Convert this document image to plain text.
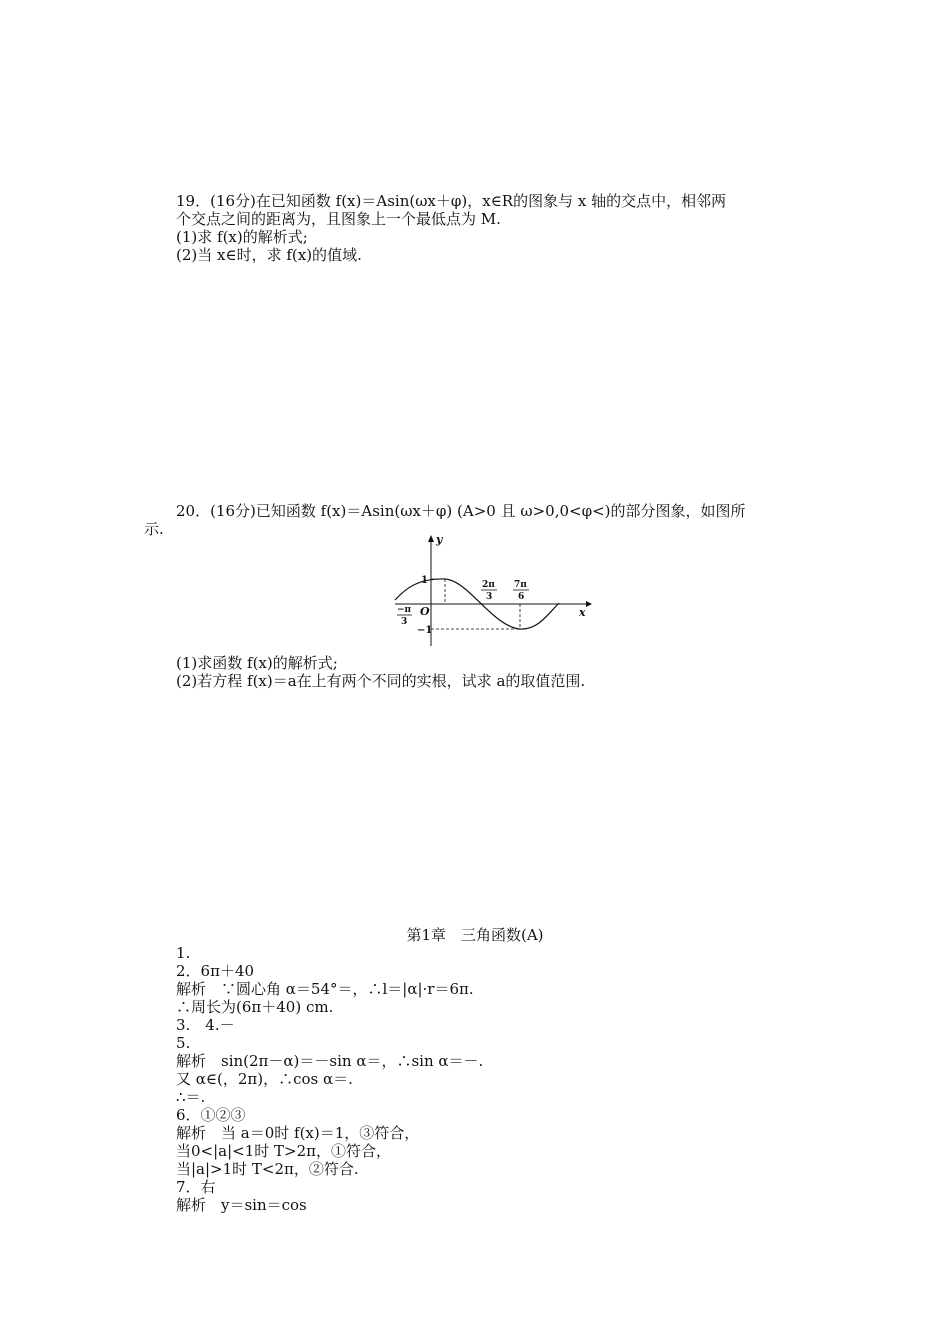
19．(16分)在已知函数 f(x)＝Asin(ωx＋φ)，x∈R的图象与 x 轴的交点中，相邻两
个交点之间的距离为，且图象上一个最低点为 M.
(1)求 f(x)的解析式;
(2)当 x∈时，求 f(x)的值域.
20．(16分)已知函数 f(x)＝Asin(ωx＋φ) (A>0 且 ω>0,0<φ<)的部分图象，如图所
示.
y
x
O
1
−1
−π
3
2π
3
7π
6
(1)求函数 f(x)的解析式;
(2)若方程 f(x)＝a在上有两个不同的实根，试求 a的取值范围.
第1章　三角函数(A)
1.
2．6π＋40
解析　∵圆心角 α＝54°＝，∴l＝|α|·r＝6π.
∴周长为(6π＋40) cm.
3.　4.－
5.
解析　sin(2π－α)＝－sin α＝，∴sin α＝－.
又 α∈(，2π)，∴cos α＝.
∴＝.
6．①②③
解析　当 a＝0时 f(x)＝1，③符合，
当0<|a|<1时 T>2π，①符合，
当|a|>1时 T<2π，②符合.
7．右
解析　y＝sin＝cos
